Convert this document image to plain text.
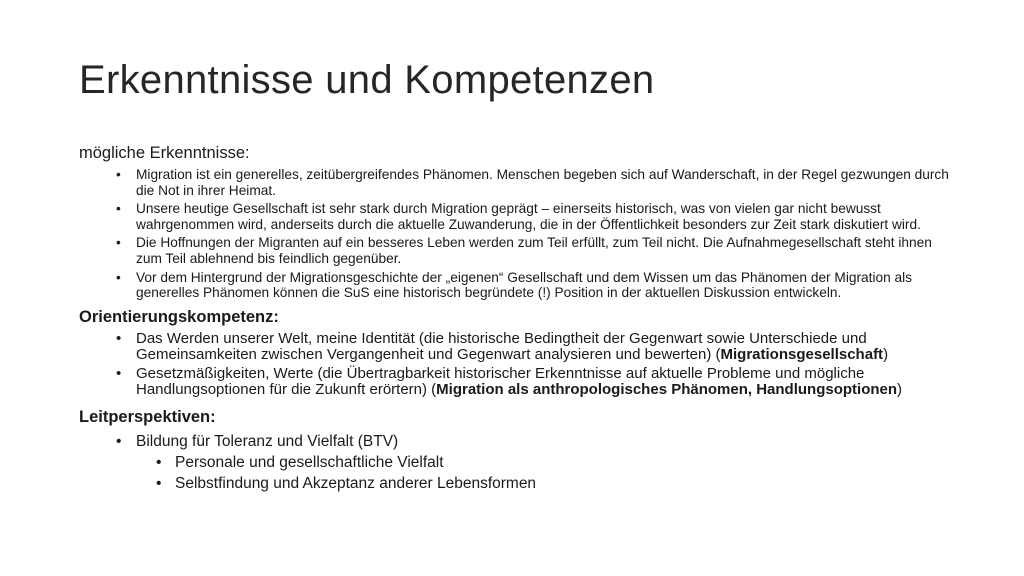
Erkenntnisse und Kompetenzen
mögliche Erkenntnisse:
• Migration ist ein generelles, zeitübergreifendes Phänomen. Menschen begeben sich auf Wanderschaft, in der Regel gezwungen durch die Not in ihrer Heimat.
• Unsere heutige Gesellschaft ist sehr stark durch Migration geprägt – einerseits historisch, was von vielen gar nicht bewusst wahrgenommen wird, anderseits durch die aktuelle Zuwanderung, die in der Öffentlichkeit besonders zur Zeit stark diskutiert wird.
• Die Hoffnungen der Migranten auf ein besseres Leben werden zum Teil erfüllt, zum Teil nicht. Die Aufnahmegesellschaft steht ihnen zum Teil ablehnend bis feindlich gegenüber.
• Vor dem Hintergrund der Migrationsgeschichte der „eigenen“ Gesellschaft und dem Wissen um das Phänomen der Migration als generelles Phänomen können die SuS eine historisch begründete (!) Position in der aktuellen Diskussion entwickeln.
Orientierungskompetenz:
• Das Werden unserer Welt, meine Identität (die historische Bedingtheit der Gegenwart sowie Unterschiede und Gemeinsamkeiten zwischen Vergangenheit und Gegenwart analysieren und bewerten) (Migrationsgesellschaft)
• Gesetzmäßigkeiten, Werte (die Übertragbarkeit historischer Erkenntnisse auf aktuelle Probleme und mögliche Handlungsoptionen für die Zukunft erörtern) (Migration als anthropologisches Phänomen, Handlungsoptionen)
Leitperspektiven:
• Bildung für Toleranz und Vielfalt (BTV)
• Personale und gesellschaftliche Vielfalt
• Selbstfindung und Akzeptanz anderer Lebensformen
